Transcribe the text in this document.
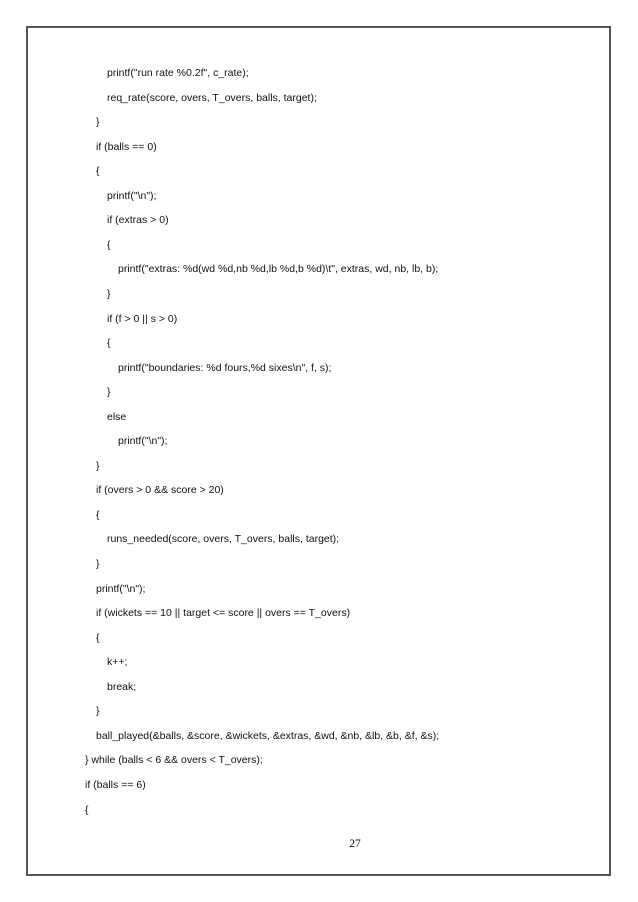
printf("run rate %0.2f", c_rate);
req_rate(score, overs, T_overs, balls, target);
}
if (balls == 0)
{
printf("\n");
if (extras > 0)
{
printf("extras: %d(wd %d,nb %d,lb %d,b %d)\t", extras, wd, nb, lb, b);
}
if (f > 0 || s > 0)
{
printf("boundaries: %d fours,%d sixes\n", f, s);
}
else
printf("\n");
}
if (overs > 0 && score > 20)
{
runs_needed(score, overs, T_overs, balls, target);
}
printf("\n");
if (wickets == 10 || target <= score || overs == T_overs)
{
k++;
break;
}
ball_played(&balls, &score, &wickets, &extras, &wd, &nb, &lb, &b, &f, &s);
} while (balls < 6 && overs < T_overs);
if (balls == 6)
{
27
